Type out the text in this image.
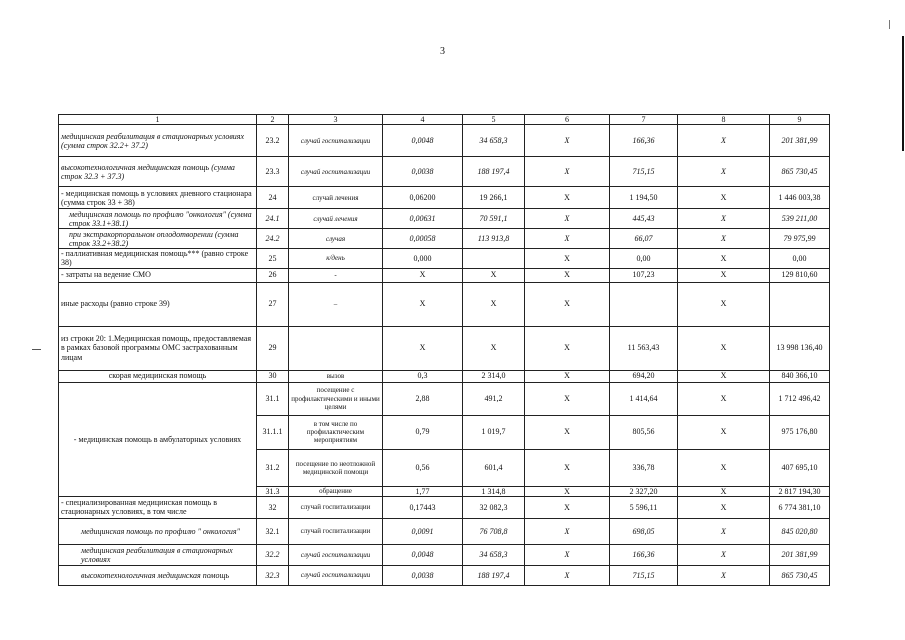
3
1	2	3	4	5	6	7	8	9	
медицинская реабилитация в стационарных условиях (сумма строк 32.2+ 37.2)	23.2	случай госпитализации	0,0048	34 658,3	X	166,36	X	201 381,99	
высокотехнологичная медицинская помощь (сумма строк 32.3 + 37.3)	23.3	случай госпитализации	0,0038	188 197,4	X	715,15	X	865 730,45	
- медицинская помощь в условиях дневного стационара (сумма строк 33 + 38)	24	случай лечения	0,06200	19 266,1	X	1 194,50	X	1 446 003,38	
медицинская помощь по профилю "онкология" (сумма строк 33.1+38.1)	24.1	случай лечения	0,00631	70 591,1	X	445,43	X	539 211,00	
при экстракорпоральном оплодотворении (сумма строк 33.2+38.2)	24.2	случая	0,00058	113 913,8	X	66,07	X	79 975,99	
- паллиативная медицинская помощь*** (равно строке 38)	25	к/день	0,000		X	0,00	X	0,00	
- затраты на ведение СМО	26	-	X	X	X	107,23	X	129 810,60	
иные расходы (равно строке 39)	27	–	X	X	X		X		
из строки 20: 1.Медицинская помощь, предоставляемая в рамках базовой программы ОМС застрахованным лицам	29		X	X	X	11 563,43	X	13 998 136,40	
скорая медицинская помощь	30	вызов	0,3	2 314,0	X	694,20	X	840 366,10	
- медицинская помощь в амбулаторных условиях	31.1	посещение с профилактическими и иными целями	2,88	491,2	X	1 414,64	X	1 712 496,42	
	31.1.1	в том числе по профилактическим мероприятиям	0,79	1 019,7	X	805,56	X	975 176,80	
	31.2	посещение по неотложной медицинской помощи	0,56	601,4	X	336,78	X	407 695,10	
	31.3	обращение	1,77	1 314,8	X	2 327,20	X	2 817 194,30	
- специализированная медицинская помощь в стационарных условиях, в том числе	32	случай госпитализации	0,17443	32 082,3	X	5 596,11	X	6 774 381,10	
медицинская помощь по профилю " онкология"	32.1	случай госпитализации	0,0091	76 708,8	X	698,05	X	845 020,80	
медицинская реабилитация в стационарных условиях	32.2	случай госпитализации	0,0048	34 658,3	X	166,36	X	201 381,99	
высокотехнологичная медицинская помощь	32.3	случай госпитализации	0,0038	188 197,4	X	715,15	X	865 730,45	
